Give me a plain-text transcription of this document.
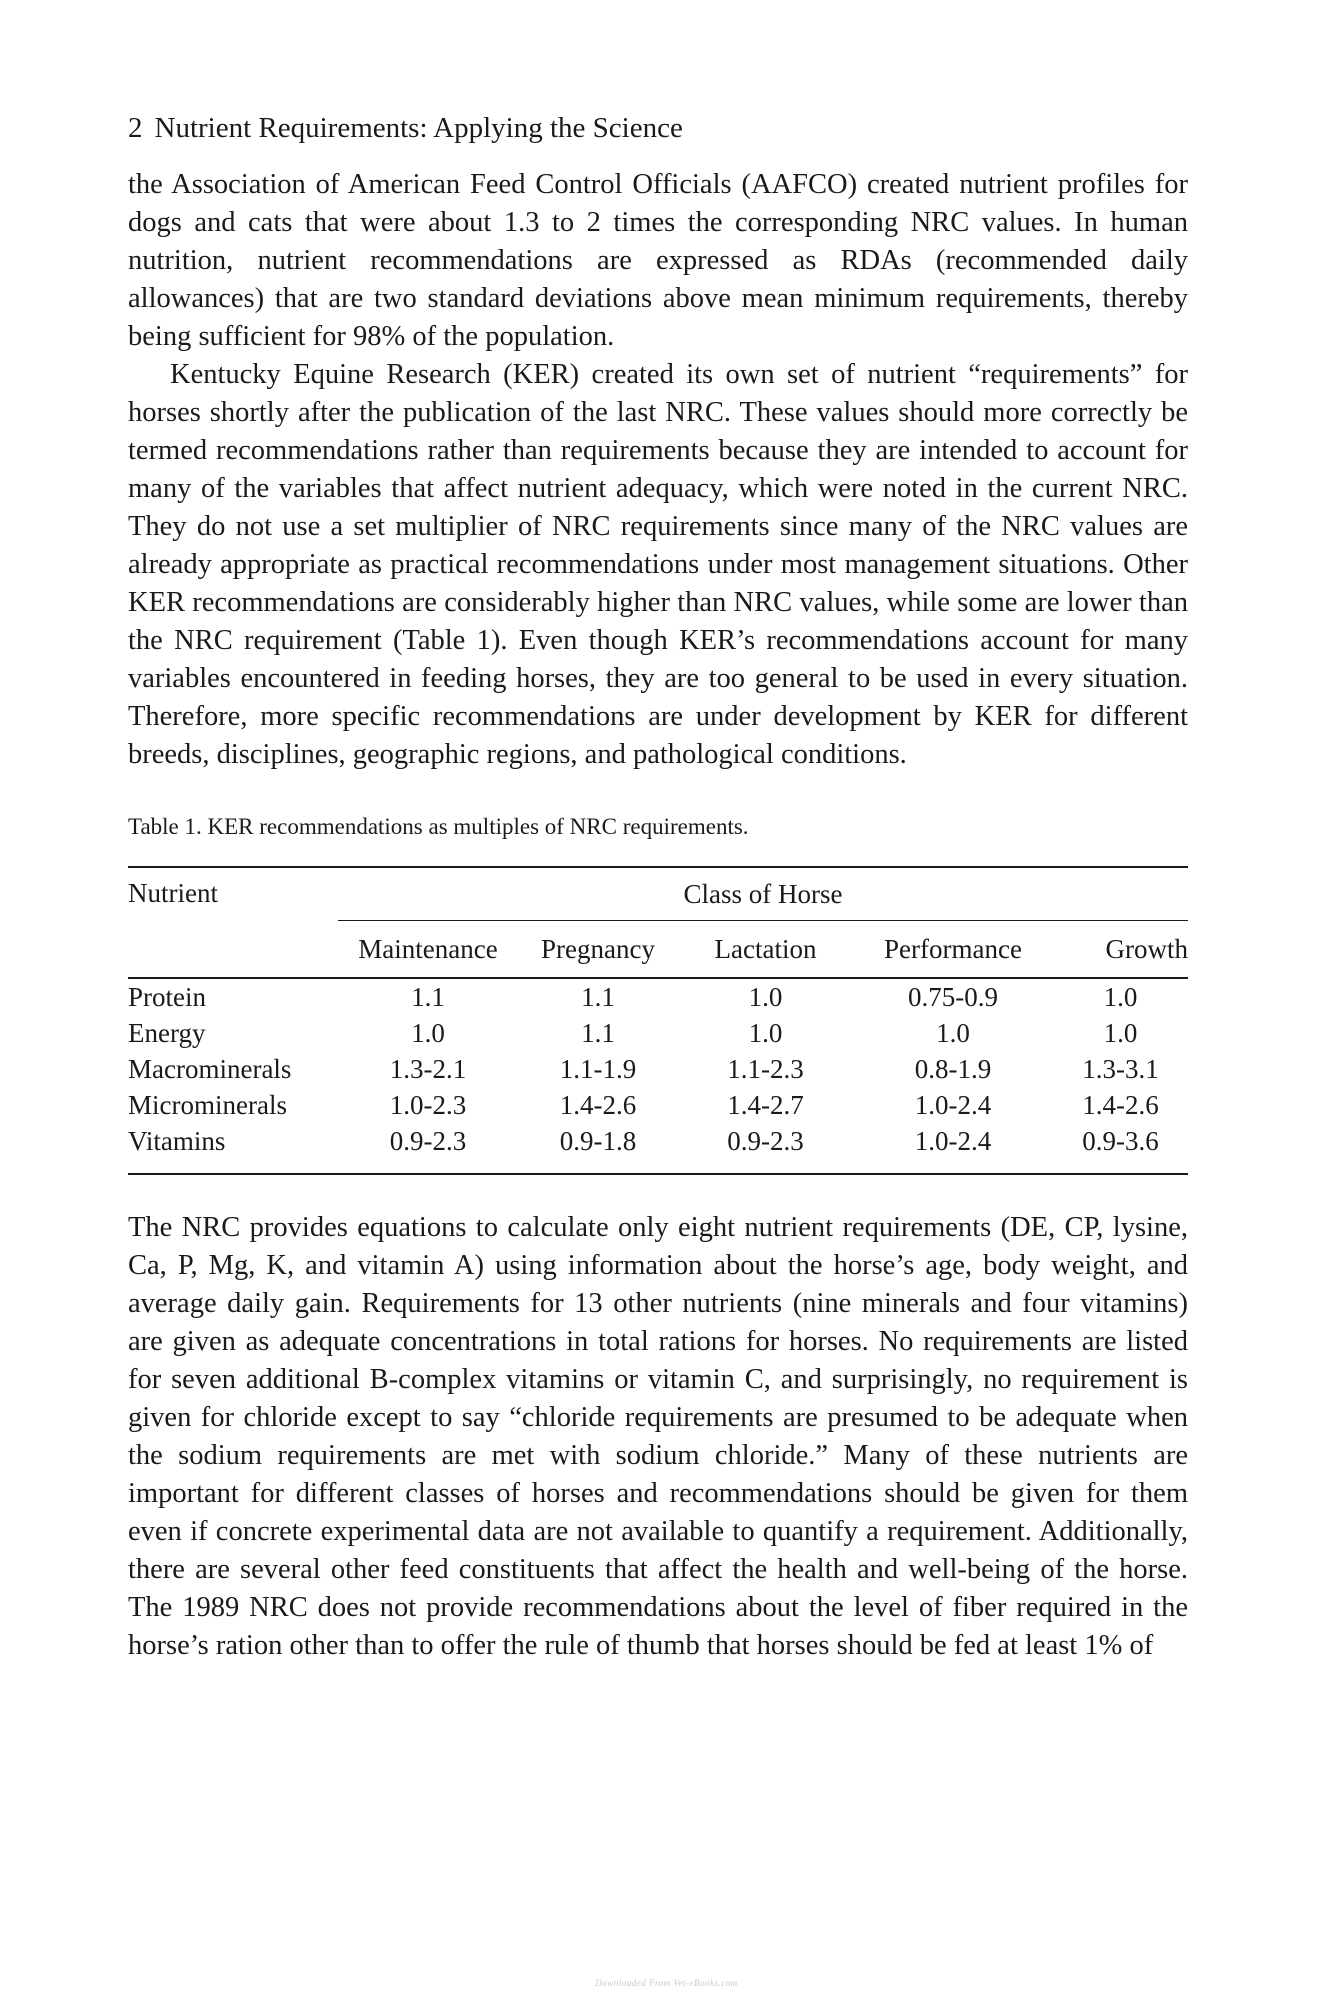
2 Nutrient Requirements: Applying the Science

the Association of American Feed Control Officials (AAFCO) created nutrient profiles for dogs and cats that were about 1.3 to 2 times the corresponding NRC values. In human nutrition, nutrient recommendations are expressed as RDAs (recommended daily allowances) that are two standard deviations above mean minimum requirements, thereby being sufficient for 98% of the population.

Kentucky Equine Research (KER) created its own set of nutrient “requirements” for horses shortly after the publication of the last NRC. These values should more correctly be termed recommendations rather than requirements because they are intended to account for many of the variables that affect nutrient adequacy, which were noted in the current NRC. They do not use a set multiplier of NRC requirements since many of the NRC values are already appropriate as practical recommendations under most management situations. Other KER recommendations are considerably higher than NRC values, while some are lower than the NRC requirement (Table 1). Even though KER’s recommendations account for many variables encountered in feeding horses, they are too general to be used in every situation. Therefore, more specific recommendations are under development by KER for different breeds, disciplines, geographic regions, and pathological conditions.

Table 1. KER recommendations as multiples of NRC requirements.
Nutrient	Class of Horse				
	Maintenance	Pregnancy	Lactation	Performance	Growth
Protein	1.1	1.1	1.0	0.75-0.9	1.0
Energy	1.0	1.1	1.0	1.0	1.0
Macrominerals	1.3-2.1	1.1-1.9	1.1-2.3	0.8-1.9	1.3-3.1
Microminerals	1.0-2.3	1.4-2.6	1.4-2.7	1.0-2.4	1.4-2.6
Vitamins	0.9-2.3	0.9-1.8	0.9-2.3	1.0-2.4	0.9-3.6

The NRC provides equations to calculate only eight nutrient requirements (DE, CP, lysine, Ca, P, Mg, K, and vitamin A) using information about the horse’s age, body weight, and average daily gain. Requirements for 13 other nutrients (nine minerals and four vitamins) are given as adequate concentrations in total rations for horses. No requirements are listed for seven additional B-complex vitamins or vitamin C, and surprisingly, no requirement is given for chloride except to say “chloride requirements are presumed to be adequate when the sodium requirements are met with sodium chloride.” Many of these nutrients are important for different classes of horses and recommendations should be given for them even if concrete experimental data are not available to quantify a requirement. Additionally, there are several other feed constituents that affect the health and well-being of the horse. The 1989 NRC does not provide recommendations about the level of fiber required in the horse’s ration other than to offer the rule of thumb that horses should be fed at least 1% of

Downloaded From Vet-eBooks.com
